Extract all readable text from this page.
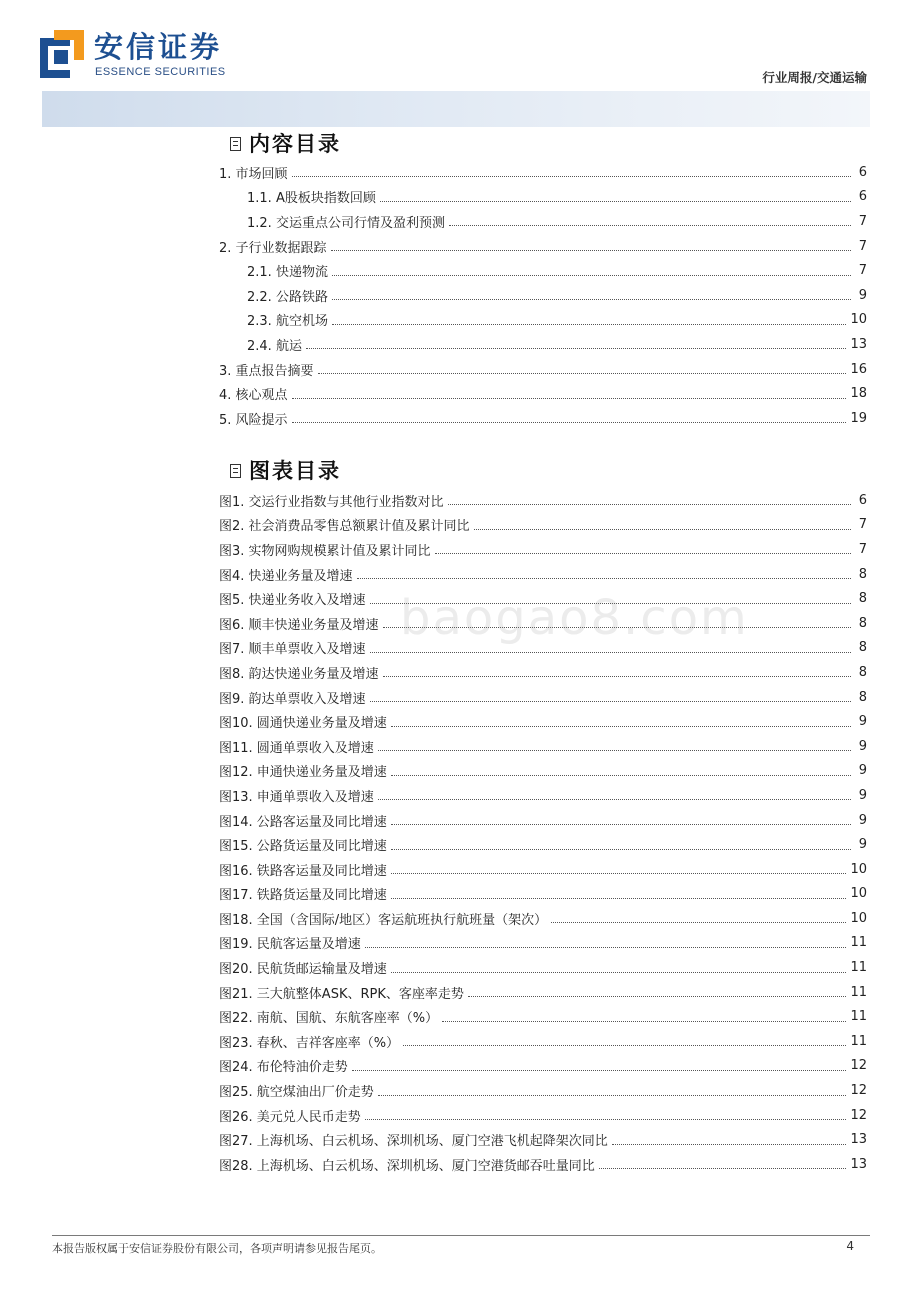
安信证券
ESSENCE SECURITIES	行业周报/交通运输
内容目录
1. 市场回顾	6
1.1. A股板块指数回顾	6
1.2. 交运重点公司行情及盈利预测	7
2. 子行业数据跟踪	7
2.1. 快递物流	7
2.2. 公路铁路	9
2.3. 航空机场	10
2.4. 航运	13
3. 重点报告摘要	16
4. 核心观点	18
5. 风险提示	19
图表目录
图1. 交运行业指数与其他行业指数对比	6
图2. 社会消费品零售总额累计值及累计同比	7
图3. 实物网购规模累计值及累计同比	7
图4. 快递业务量及增速	8
图5. 快递业务收入及增速	8
图6. 顺丰快递业务量及增速	8
图7. 顺丰单票收入及增速	8
图8. 韵达快递业务量及增速	8
图9. 韵达单票收入及增速	8
图10. 圆通快递业务量及增速	9
图11. 圆通单票收入及增速	9
图12. 申通快递业务量及增速	9
图13. 申通单票收入及增速	9
图14. 公路客运量及同比增速	9
图15. 公路货运量及同比增速	9
图16. 铁路客运量及同比增速	10
图17. 铁路货运量及同比增速	10
图18. 全国（含国际/地区）客运航班执行航班量（架次）	10
图19. 民航客运量及增速	11
图20. 民航货邮运输量及增速	11
图21. 三大航整体ASK、RPK、客座率走势	11
图22. 南航、国航、东航客座率（%）	11
图23. 春秋、吉祥客座率（%）	11
图24. 布伦特油价走势	12
图25. 航空煤油出厂价走势	12
图26. 美元兑人民币走势	12
图27. 上海机场、白云机场、深圳机场、厦门空港飞机起降架次同比	13
图28. 上海机场、白云机场、深圳机场、厦门空港货邮吞吐量同比	13
baogao8.com
本报告版权属于安信证券股份有限公司，各项声明请参见报告尾页。	4
